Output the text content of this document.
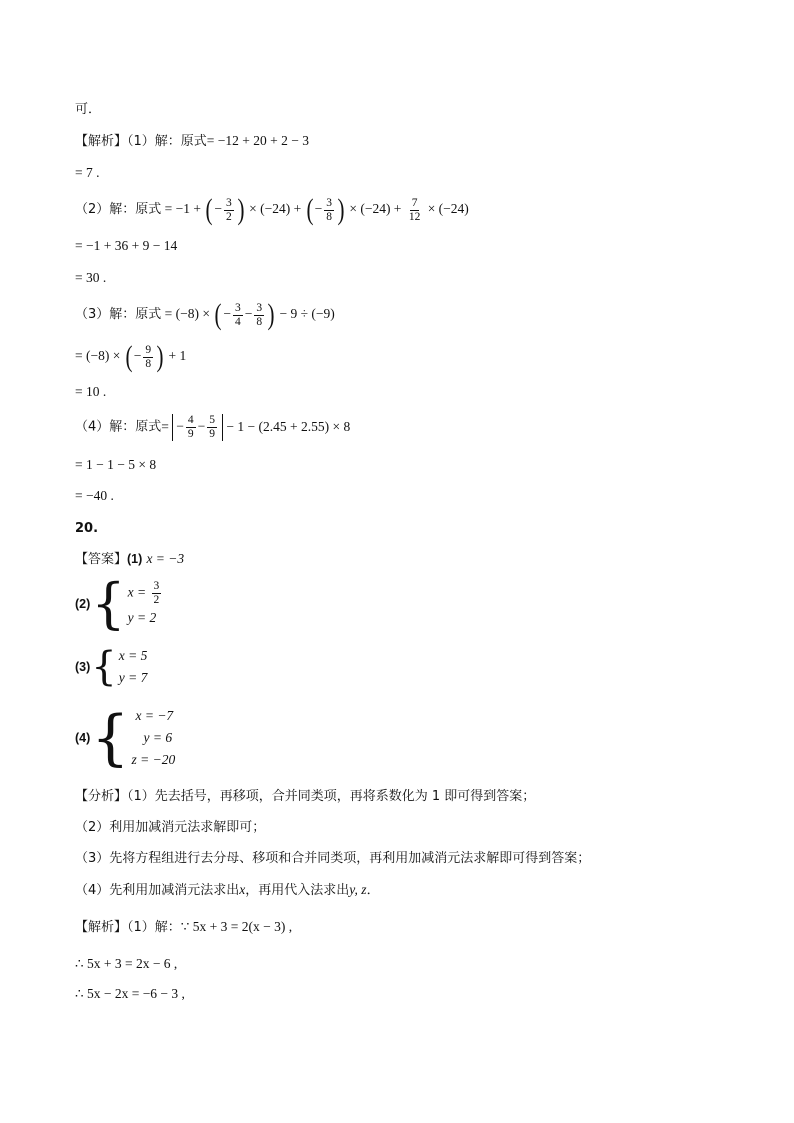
可．
【解析】（1）解：原式= −12 + 20 + 2 − 3
= 7 .
（2）解：原式 = −1 + ( − $\frac{3}{2}$ ) × (−24) + ( − $\frac{3}{8}$ ) × $(-24) + \frac{7}{12} \times (-24)$
= −1 + 36 + 9 − 14
= 30 .
（3）解：原式 = (−8) × ( − $\frac{3}{4} - \frac{3}{8}$ ) − 9 ÷ (−9)
= (−8) × ( − $\frac{9}{8}$ ) + 1
= 10 .
（4）解：原式= − $\frac{4}{9} - \frac{5}{9} - 1 - (2.45 + 2.55) \times 8$
= 1 − 1 − 5 × 8
= −40 .
20.
【答案】(1) x = −3
(2) { $x = \frac{3}{2}$
y = 2
(3) { x = 5
y = 7
(4) { x = −7
y = 6
z = −20
【分析】（1）先去括号，再移项，合并同类项，再将系数化为 1 即可得到答案；
（2）利用加减消元法求解即可；
（3）先将方程组进行去分母、移项和合并同类项，再利用加减消元法求解即可得到答案；
（4）先利用加减消元法求出x，再用代入法求出y, z．
【解析】（1）解：∵ 5x + 3 = 2(x − 3) ,
∴ 5x + 3 = 2x − 6 ,
∴ 5x − 2x = −6 − 3 ,
